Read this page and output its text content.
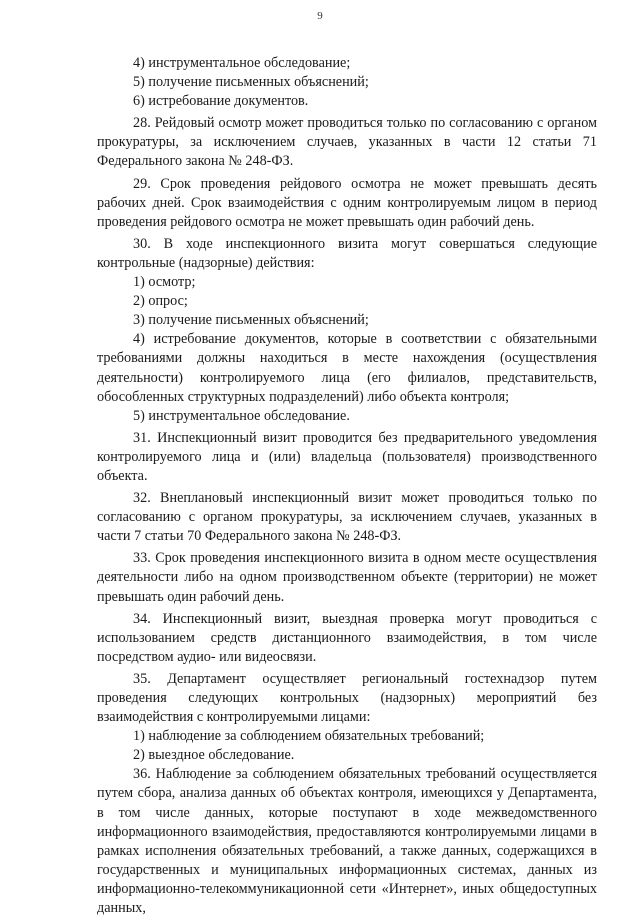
9

4) инструментальное обследование;

5) получение письменных объяснений;

6) истребование документов.

28. Рейдовый осмотр может проводиться только по согласованию с органом прокуратуры, за исключением случаев, указанных в части 12 статьи 71 Федерального закона № 248-ФЗ.

29. Срок проведения рейдового осмотра не может превышать десять рабочих дней. Срок взаимодействия с одним контролируемым лицом в период проведения рейдового осмотра не может превышать один рабочий день.

30. В ходе инспекционного визита могут совершаться следующие контрольные (надзорные) действия:

1) осмотр;

2) опрос;

3) получение письменных объяснений;

4) истребование документов, которые в соответствии с обязательными требованиями должны находиться в месте нахождения (осуществления деятельности) контролируемого лица (его филиалов, представительств, обособленных структурных подразделений) либо объекта контроля;

5) инструментальное обследование.

31. Инспекционный визит проводится без предварительного уведомления контролируемого лица и (или) владельца (пользователя) производственного объекта.

32. Внеплановый инспекционный визит может проводиться только по согласованию с органом прокуратуры, за исключением случаев, указанных в части 7 статьи 70 Федерального закона № 248-ФЗ.

33. Срок проведения инспекционного визита в одном месте осуществления деятельности либо на одном производственном объекте (территории) не может превышать один рабочий день.

34. Инспекционный визит, выездная проверка могут проводиться с использованием средств дистанционного взаимодействия, в том числе посредством аудио- или видеосвязи.

35. Департамент осуществляет региональный гостехнадзор путем проведения следующих контрольных (надзорных) мероприятий без взаимодействия с контролируемыми лицами:

1) наблюдение за соблюдением обязательных требований;

2) выездное обследование.

36. Наблюдение за соблюдением обязательных требований осуществляется путем сбора, анализа данных об объектах контроля, имеющихся у Департамента, в том числе данных, которые поступают в ходе межведомственного информационного взаимодействия, предоставляются контролируемыми лицами в рамках исполнения обязательных требований, а также данных, содержащихся в государственных и муниципальных информационных системах, данных из информационно-телекоммуникационной сети «Интернет», иных общедоступных данных,
